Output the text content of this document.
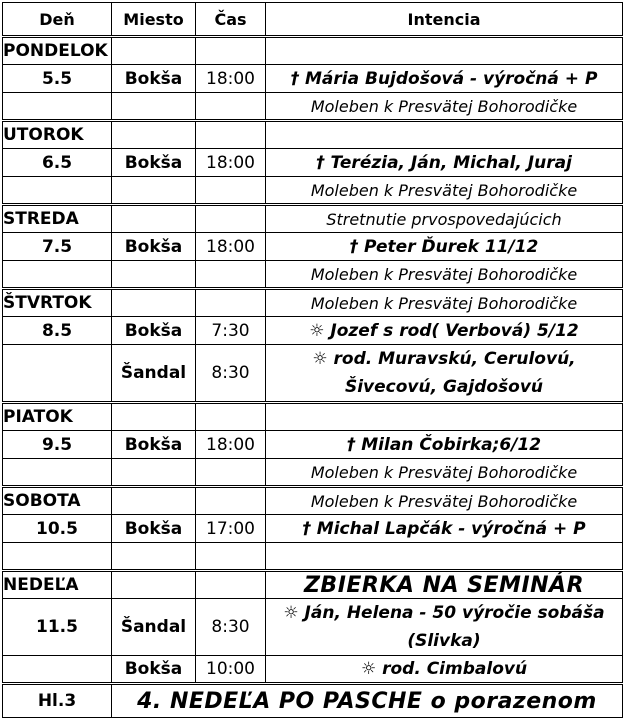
Deň	Miesto	Čas	Intencia
PONDELOK			
5.5	Bokša	18:00	† Mária Bujdošová - výročná + P
			Moleben k Presvätej Bohorodičke
UTOROK			
6.5	Bokša	18:00	† Terézia, Ján, Michal, Juraj
			Moleben k Presvätej Bohorodičke
STREDA			Stretnutie prvospovedajúcich
7.5	Bokša	18:00	† Peter Ďurek 11/12
			Moleben k Presvätej Bohorodičke
ŠTVRTOK			Moleben k Presvätej Bohorodičke
8.5	Bokša	7:30	☼ Jozef s rod( Verbová) 5/12
	Šandal	8:30	☼ rod. Muravskú, Cerulovú, Šivecovú, Gajdošovú
PIATOK			
9.5	Bokša	18:00	† Milan Čobirka;6/12
			Moleben k Presvätej Bohorodičke
SOBOTA			Moleben k Presvätej Bohorodičke
10.5	Bokša	17:00	† Michal Lapčák - výročná + P

NEDEĽA			ZBIERKA NA SEMINÁR
11.5	Šandal	8:30	☼ Ján, Helena - 50 výročie sobáša (Slivka)
	Bokša	10:00	☼ rod. Cimbalovú
Hl.3	4. NEDEĽA PO PASCHE o porazenom		
